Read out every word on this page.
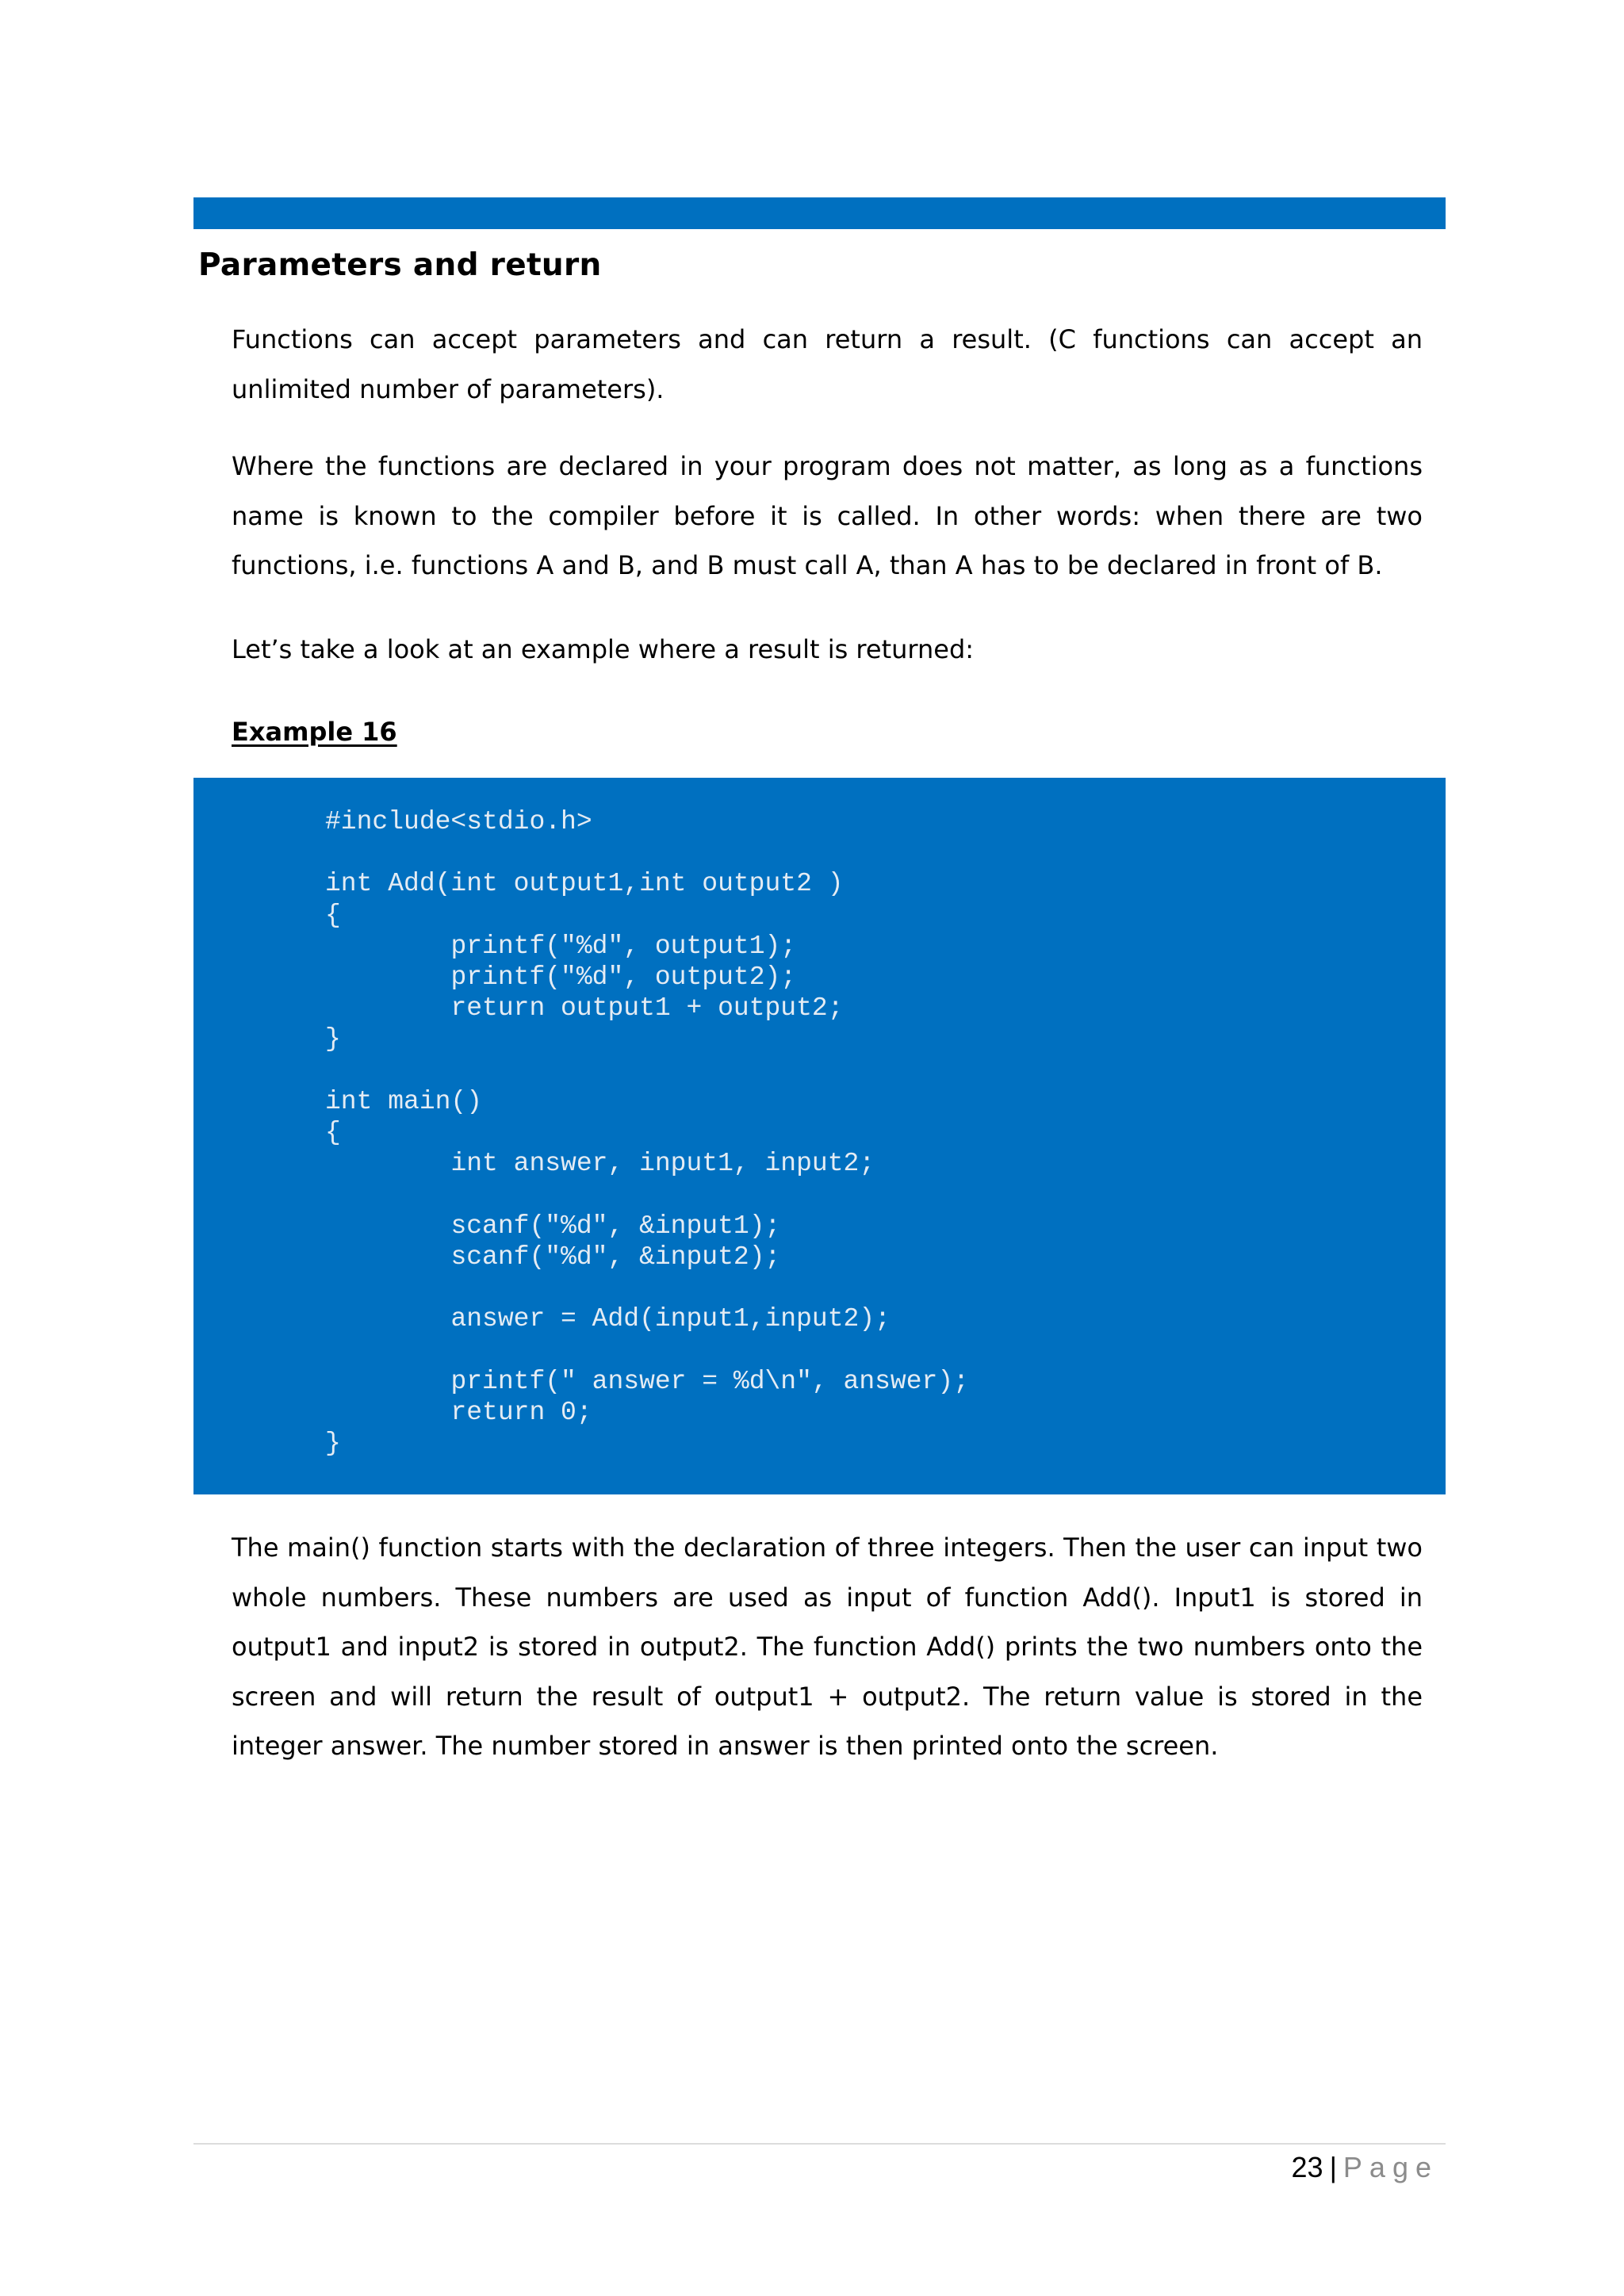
Parameters and return

Functions can accept parameters and can return a result. (C functions can accept an unlimited number of parameters).

Where the functions are declared in your program does not matter, as long as a functions name is known to the compiler before it is called. In other words: when there are two functions, i.e. functions A and B, and B must call A, than A has to be declared in front of B.

Let’s take a look at an example where a result is returned:

Example 16

#include<stdio.h>

int Add(int output1,int output2 )
{
	printf("%d", output1);
	printf("%d", output2);
	return output1 + output2;
}

int main()
{
	int answer, input1, input2;

	scanf("%d", &input1);
	scanf("%d", &input2);

	answer = Add(input1,input2);

	printf(" answer = %d\n", answer);
	return 0;
}

The main() function starts with the declaration of three integers. Then the user can input two whole numbers. These numbers are used as input of function Add(). Input1 is stored in output1 and input2 is stored in output2. The function Add() prints the two numbers onto the screen and will return the result of output1 + output2. The return value is stored in the integer answer. The number stored in answer is then printed onto the screen.

23 | Page
